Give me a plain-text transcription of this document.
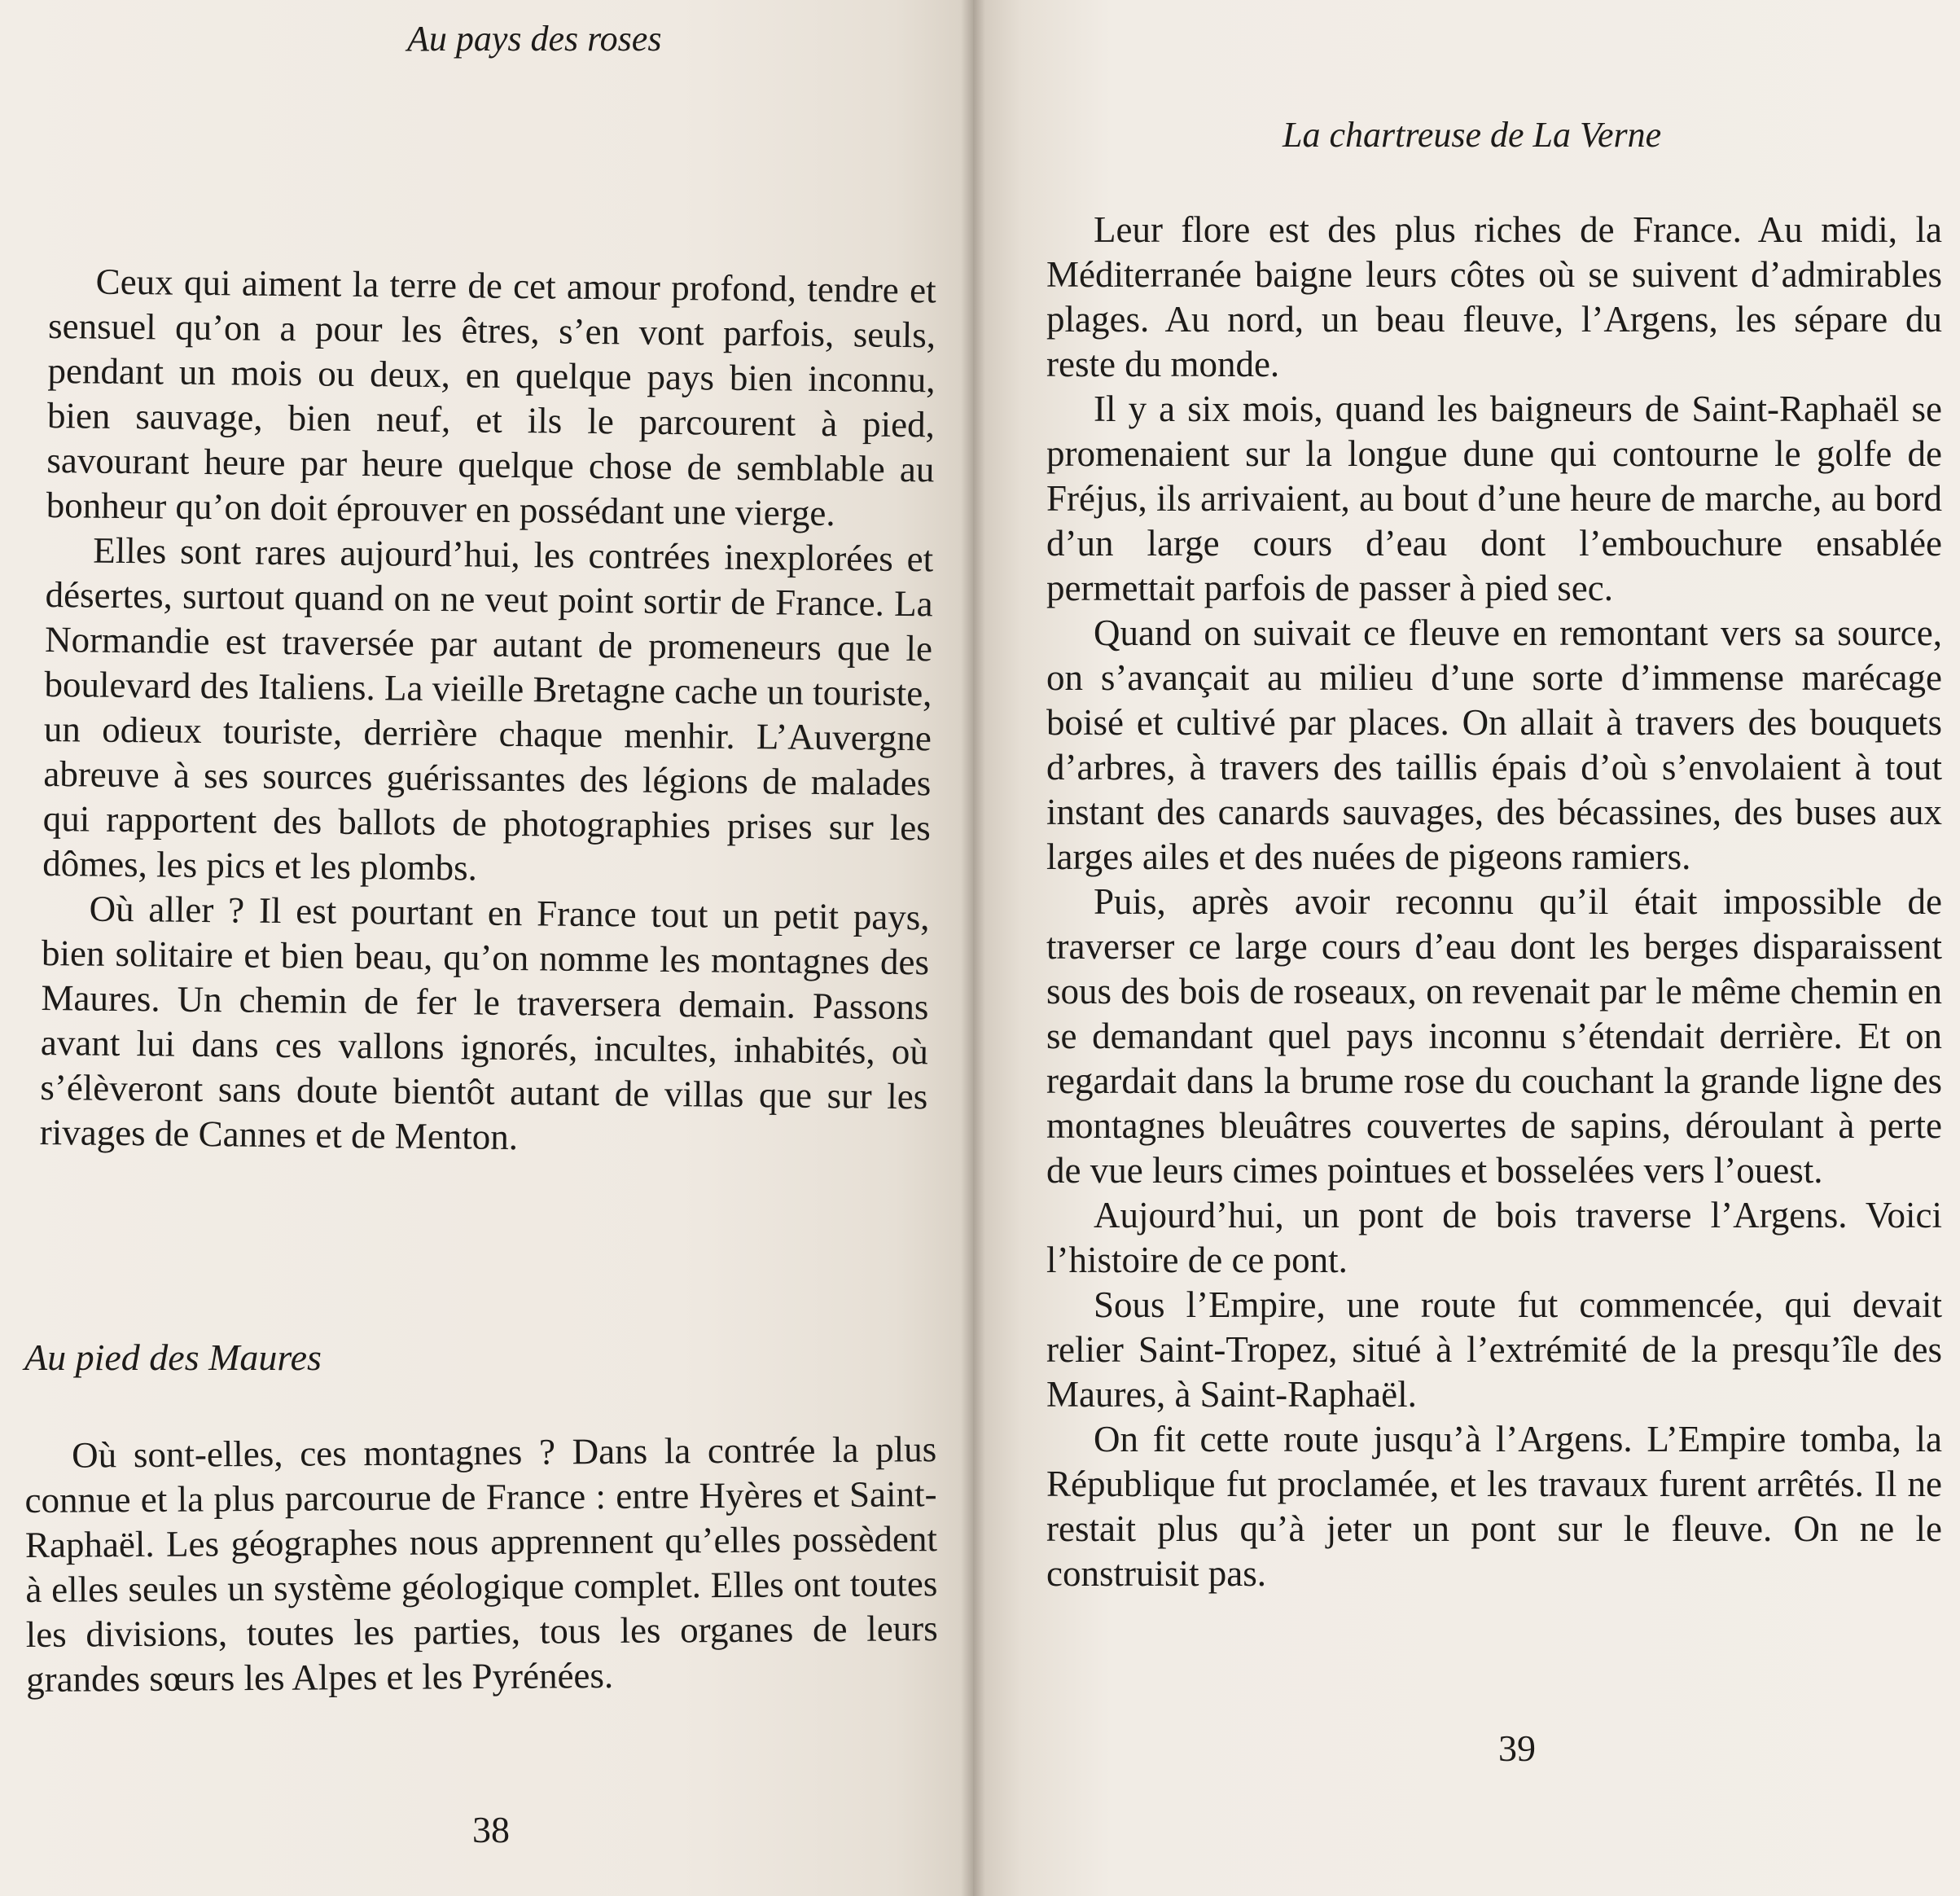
Au pays des roses

Ceux qui aiment la terre de cet amour profond, tendre et sensuel qu’on a pour les êtres, s’en vont parfois, seuls, pendant un mois ou deux, en quelque pays bien inconnu, bien sauvage, bien neuf, et ils le parcourent à pied, savourant heure par heure quelque chose de semblable au bonheur qu’on doit éprouver en possédant une vierge.

Elles sont rares aujourd’hui, les contrées inexplorées et désertes, surtout quand on ne veut point sortir de France. La Normandie est traversée par autant de promeneurs que le boulevard des Italiens. La vieille Bretagne cache un touriste, un odieux touriste, derrière chaque menhir. L’Auvergne abreuve à ses sources guérissantes des légions de malades qui rapportent des ballots de photographies prises sur les dômes, les pics et les plombs.

Où aller ? Il est pourtant en France tout un petit pays, bien solitaire et bien beau, qu’on nomme les montagnes des Maures. Un chemin de fer le traversera demain. Passons avant lui dans ces vallons ignorés, incultes, inhabités, où s’élèveront sans doute bientôt autant de villas que sur les rivages de Cannes et de Menton.

Au pied des Maures

Où sont-elles, ces montagnes ? Dans la contrée la plus connue et la plus parcourue de France : entre Hyères et Saint-Raphaël. Les géographes nous apprennent qu’elles possèdent à elles seules un système géologique complet. Elles ont toutes les divisions, toutes les parties, tous les organes de leurs grandes sœurs les Alpes et les Pyrénées.

38
La chartreuse de La Verne

Leur flore est des plus riches de France. Au midi, la Méditerranée baigne leurs côtes où se suivent d’admirables plages. Au nord, un beau fleuve, l’Argens, les sépare du reste du monde.

Il y a six mois, quand les baigneurs de Saint-Raphaël se promenaient sur la longue dune qui contourne le golfe de Fréjus, ils arrivaient, au bout d’une heure de marche, au bord d’un large cours d’eau dont l’embouchure ensablée permettait parfois de passer à pied sec.

Quand on suivait ce fleuve en remontant vers sa source, on s’avançait au milieu d’une sorte d’immense marécage boisé et cultivé par places. On allait à travers des bouquets d’arbres, à travers des taillis épais d’où s’envolaient à tout instant des canards sauvages, des bécassines, des buses aux larges ailes et des nuées de pigeons ramiers.

Puis, après avoir reconnu qu’il était impossible de traverser ce large cours d’eau dont les berges disparaissent sous des bois de roseaux, on revenait par le même chemin en se demandant quel pays inconnu s’étendait derrière. Et on regardait dans la brume rose du couchant la grande ligne des montagnes bleuâtres couvertes de sapins, déroulant à perte de vue leurs cimes pointues et bosselées vers l’ouest.

Aujourd’hui, un pont de bois traverse l’Argens. Voici l’histoire de ce pont.

Sous l’Empire, une route fut commencée, qui devait relier Saint-Tropez, situé à l’extrémité de la presqu’île des Maures, à Saint-Raphaël.

On fit cette route jusqu’à l’Argens. L’Empire tomba, la République fut proclamée, et les travaux furent arrêtés. Il ne restait plus qu’à jeter un pont sur le fleuve. On ne le construisit pas.

39
